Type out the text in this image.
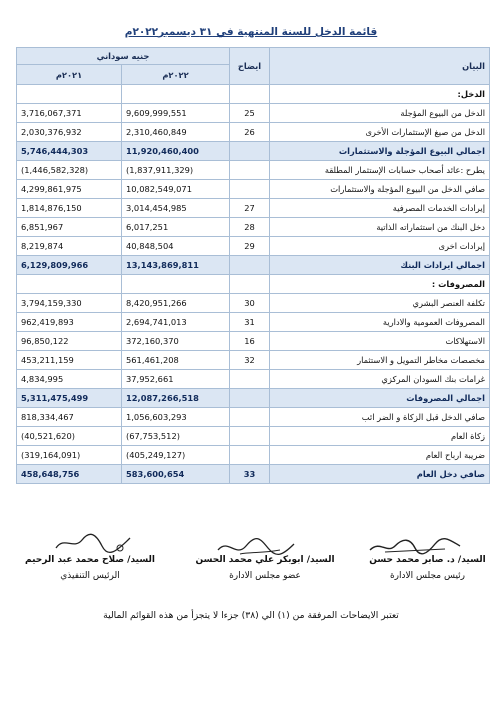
قائمة الدخل للسنة المنتهية في ٣١ ديسمبر٢٠٢٢م
جنيه سوداني		ايضاح	البيان
٢٠٢١م	٢٠٢٢م		
			الدخل:
3,716,067,371	9,609,999,551	25	الدخل من البيوع المؤجلة
2,030,376,932	2,310,460,849	26	الدخل من صيغ الإستثمارات الأخرى
5,746,444,303	11,920,460,400		اجمالي البيوع المؤجلة والاستثمارات
(1,446,582,328)	(1,837,911,329)		يطرح :عائد أصحاب حسابات الإستثمار المطلقة
4,299,861,975	10,082,549,071		صافي الدخل من البيوع المؤجلة والاستثمارات
1,814,876,150	3,014,454,985	27	إيرادات الخدمات المصرفية
6,851,967	6,017,251	28	دخل البنك من استثماراته الذاتية
8,219,874	40,848,504	29	إيرادات اخرى
6,129,809,966	13,143,869,811		اجمالي ايرادات البنك
			المصروفات :
3,794,159,330	8,420,951,266	30	تكلفة العنصر البشري
962,419,893	2,694,741,013	31	المصروفات العمومية والادارية
96,850,122	372,160,370	16	الاستهلاكات
453,211,159	561,461,208	32	مخصصات مخاطر التمويل و الاستثمار
4,834,995	37,952,661		غرامات بنك السودان المركزي
5,311,475,499	12,087,266,518		اجمالي المصروفات
818,334,467	1,056,603,293		صافي الدخل قبل الزكاة و الضر ائب
(40,521,620)	(67,753,512)		زكاة العام
(319,164,091)	(405,249,127)		ضريبة ارباح العام
458,648,756	583,600,654	33	صافي دخل العام
السيد/ د. صابر محمد حسن
رئيس مجلس الادارة
السيد/ ابوبكر علي محمد الحسن
عضو مجلس الادارة
السيد/ صلاح محمد عبد الرحيم
الرئيس التنفيذي
تعتبر الايضاحات المرفقة من (١) الي (٣٨) جزءا لا يتجزأ من هذه القوائم المالية
